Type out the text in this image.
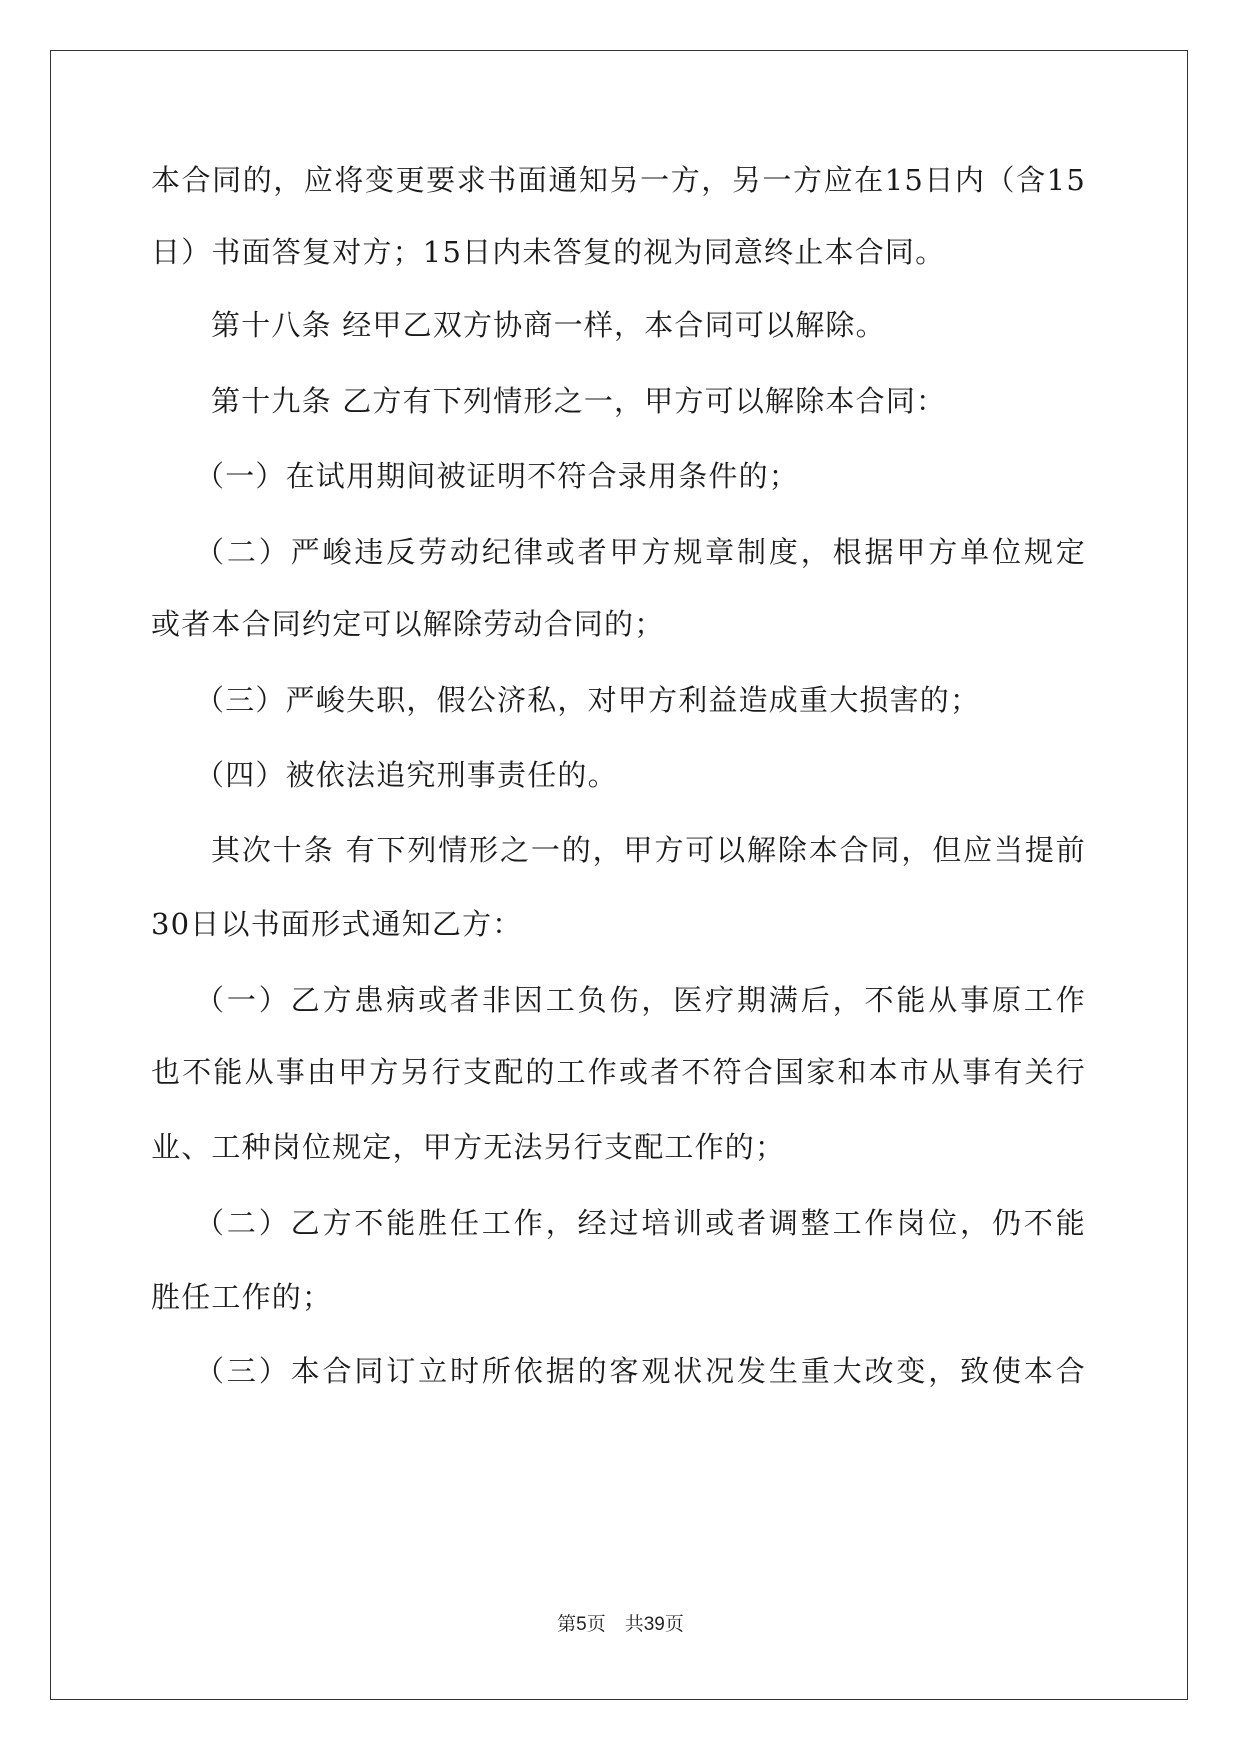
本合同的，应将变更要求书面通知另一方，另一方应在15日内（含15
日）书面答复对方；15日内未答复的视为同意终止本合同。
第十八条 经甲乙双方协商一样，本合同可以解除。
第十九条 乙方有下列情形之一，甲方可以解除本合同：
（一）在试用期间被证明不符合录用条件的；
（二）严峻违反劳动纪律或者甲方规章制度，根据甲方单位规定
或者本合同约定可以解除劳动合同的；
（三）严峻失职，假公济私，对甲方利益造成重大损害的；
（四）被依法追究刑事责任的。
其次十条 有下列情形之一的，甲方可以解除本合同，但应当提前
30日以书面形式通知乙方：
（一）乙方患病或者非因工负伤，医疗期满后，不能从事原工作
也不能从事由甲方另行支配的工作或者不符合国家和本市从事有关行
业、工种岗位规定，甲方无法另行支配工作的；
（二）乙方不能胜任工作，经过培训或者调整工作岗位，仍不能
胜任工作的；
（三）本合同订立时所依据的客观状况发生重大改变，致使本合
第5页　共39页
